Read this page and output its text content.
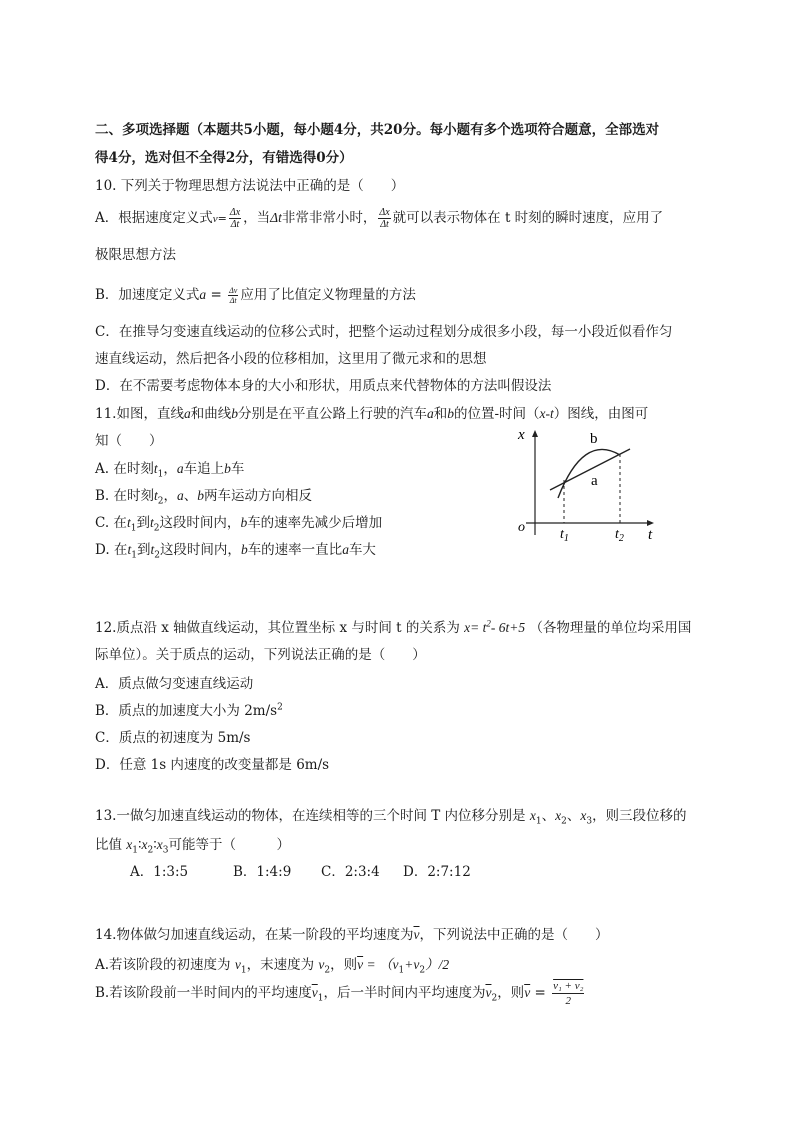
二、多项选择题（本题共5小题，每小题4分，共20分。每小题有多个选项符合题意，全部选对
得4分，选对但不全得2分，有错选得0分）
10. 下列关于物理思想方法说法中正确的是（　　）
A．根据速度定义式$v= \frac{\Delta x}{\Delta t}$ ，当Δt非常非常小时， $\frac{\Delta x}{\Delta t}$ 就可以表示物体在 t 时刻的瞬时速度，应用了
极限思想方法
B．加速度定义式$a = \frac{\Delta v}{\Delta t}$ 应用了比值定义物理量的方法
C．在推导匀变速直线运动的位移公式时，把整个运动过程划分成很多小段，每一小段近似看作匀
速直线运动，然后把各小段的位移相加，这里用了微元求和的思想
D．在不需要考虑物体本身的大小和形状，用质点来代替物体的方法叫假设法
11.如图，直线a和曲线b分别是在平直公路上行驶的汽车a和b的位置-时间（x-t）图线，由图可
知（　　）
A. 在时刻$t_1$，a车追上b车
B. 在时刻$t_2$，a、b两车运动方向相反
C. 在$t_1$到$t_2$这段时间内，b车的速率先减少后增加
D. 在$t_1$到$t_2$这段时间内，b车的速率一直比a车大
x
t
o
b
a
$t_1$	$t_2$
12.质点沿 x 轴做直线运动，其位置坐标 x 与时间 t 的关系为 $x= t^2-$ 6t+5 （各物理量的单位均采用国
际单位）。关于质点的运动，下列说法正确的是（　　）
A．质点做匀变速直线运动
B．质点的加速度大小为 $2m/s^2$
C．质点的初速度为 5m/s
D．任意 1s 内速度的改变量都是 6m/s
13.一做匀加速直线运动的物体，在连续相等的三个时间 T 内位移分别是 $x_1$、$x_2$、$x_3$，则三段位移的
比值 $x_1∶x_2∶x_3$可能等于（　　　）
A．1:3:5	B．1:4:9 C．2:3:4 D．2:7:12
14.物体做匀加速直线运动，在某一阶段的平均速度为$\overline{v}$，下列说法中正确的是（　　）
A.若该阶段的初速度为 $v_1$，末速度为 $v_2$，则$\overline{v} = (v_1+v_2)/2$
B.若该阶段前一半时间内的平均速度$\overline{v}_1$，后一半时间内平均速度为$\overline{v}_2$，则$\overline{v} = \frac{\text{v₁ + v₂}}{2}$
